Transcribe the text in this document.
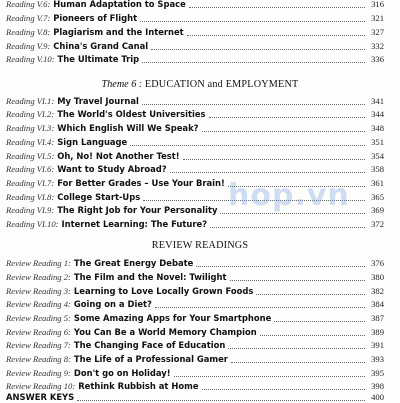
Reading V.6: Human Adaptation to Space	316
Reading V.7: Pioneers of Flight	321
Reading V.8: Plagiarism and the Internet	327
Reading V.9: China's Grand Canal	332
Reading V.10: The Ultimate Trip	336
Theme 6 : EDUCATION and EMPLOYMENT
Reading VI.1: My Travel Journal	341
Reading VI.2: The World's Oldest Universities	344
Reading VI.3: Which English Will We Speak?	348
Reading VI.4: Sign Language	351
Reading VI.5: Oh, No! Not Another Test!	354
Reading VI.6: Want to Study Abroad?	358
Reading VI.7: For Better Grades – Use Your Brain!	361
Reading VI.8: College Start-Ups	365
Reading VI.9: The Right Job for Your Personality	369
Reading VI.10: Internet Learning: The Future?	372
REVIEW READINGS
Review Reading 1: The Great Energy Debate	376
Review Reading 2: The Film and the Novel: Twilight	380
Review Reading 3: Learning to Love Locally Grown Foods	382
Review Reading 4: Going on a Diet?	384
Review Reading 5: Some Amazing Apps for Your Smartphone	387
Review Reading 6: You Can Be a World Memory Champion	389
Review Reading 7: The Changing Face of Education	391
Review Reading 8: The Life of a Professional Gamer	393
Review Reading 9: Don't go on Holiday!	395
Review Reading 10: Rethink Rubbish at Home	398
ANSWER KEYS	400
hop.vn
